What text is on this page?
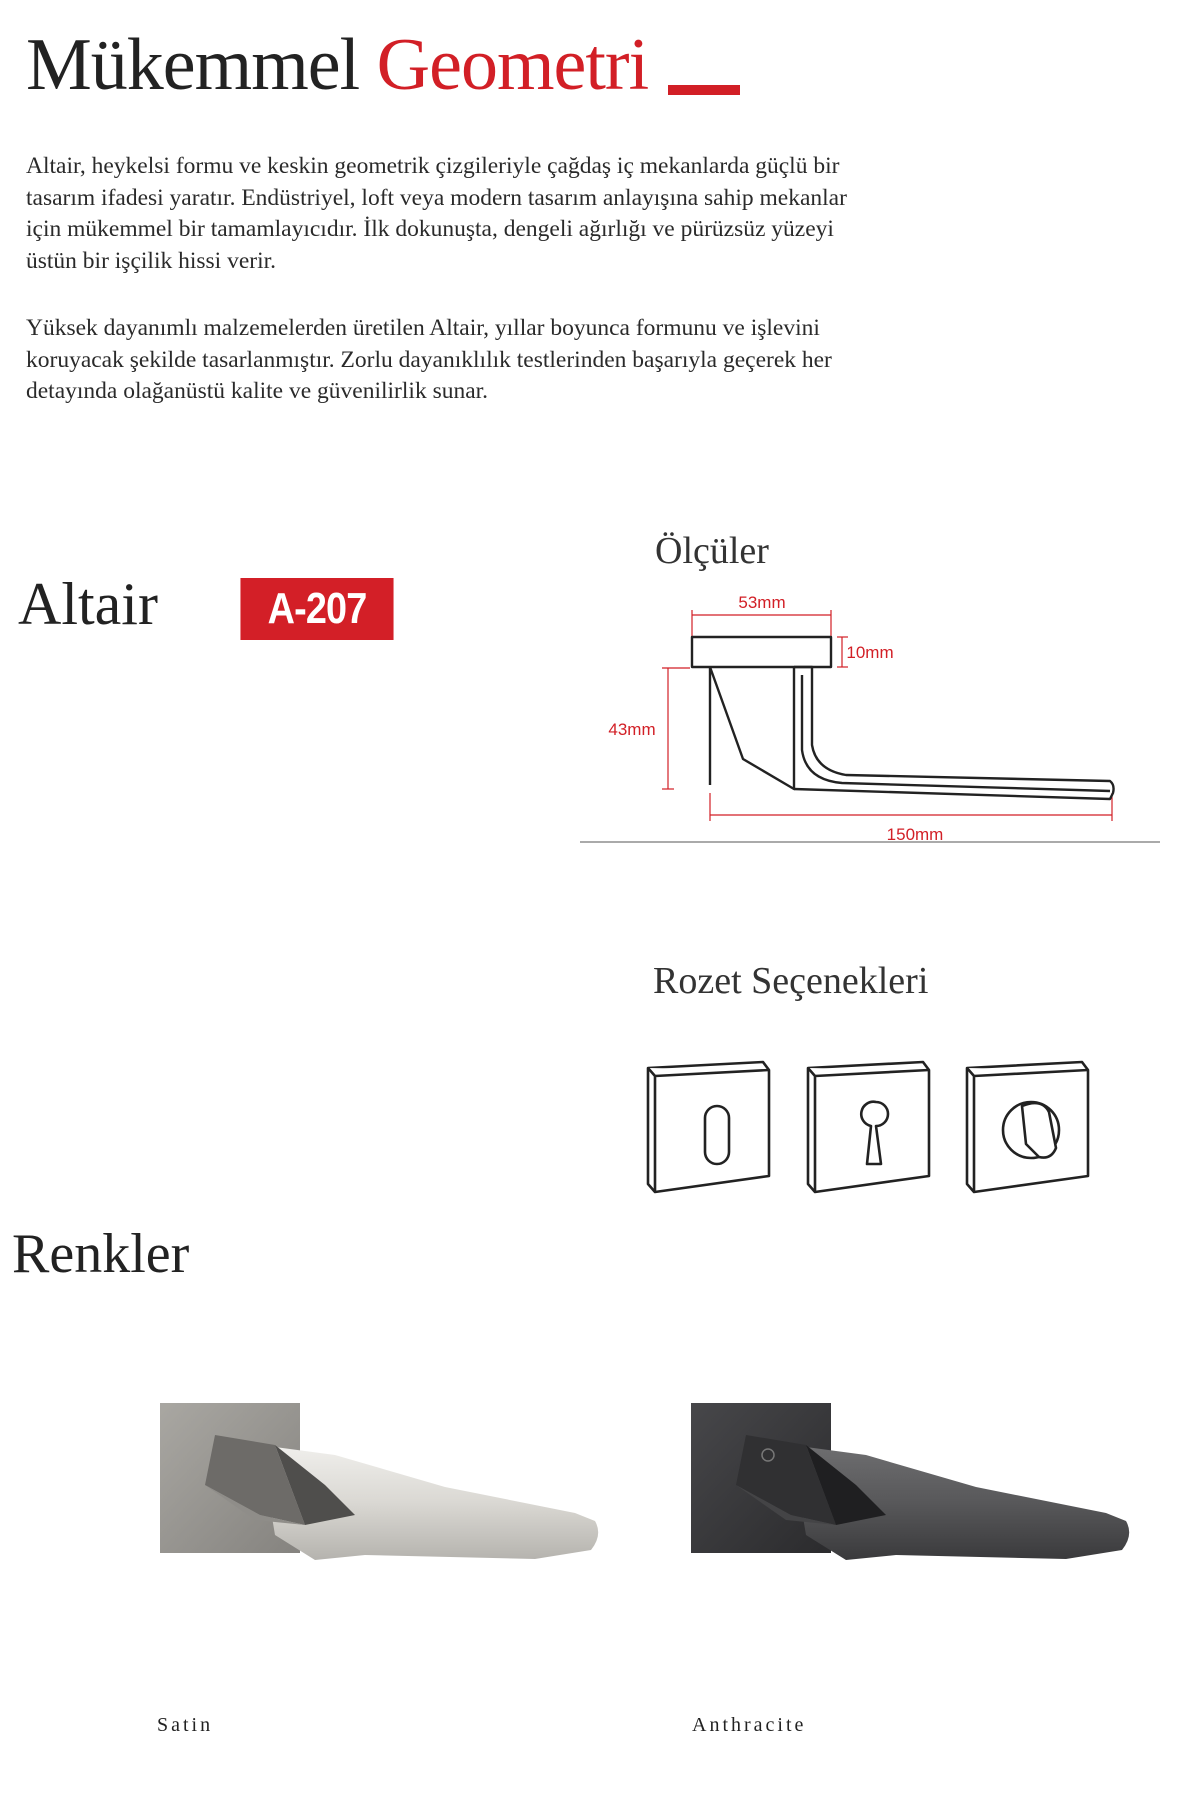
Mükemmel Geometri

Altair, heykelsi formu ve keskin geometrik çizgileriyle çağdaş iç mekanlarda güçlü bir tasarım ifadesi yaratır. Endüstriyel, loft veya modern tasarım anlayışına sahip mekanlar için mükemmel bir tamamlayıcıdır. İlk dokunuşta, dengeli ağırlığı ve pürüzsüz yüzeyi üstün bir işçilik hissi verir.

Yüksek dayanımlı malzemelerden üretilen Altair, yıllar boyunca formunu ve işlevini koruyacak şekilde tasarlanmıştır. Zorlu dayanıklılık testlerinden başarıyla geçerek her detayında olağanüstü kalite ve güvenilirlik sunar.

Altair	A-207
Ölçüler
53mm
10mm
43mm
150mm
Rozet Seçenekleri
Renkler
Satin	Anthracite
